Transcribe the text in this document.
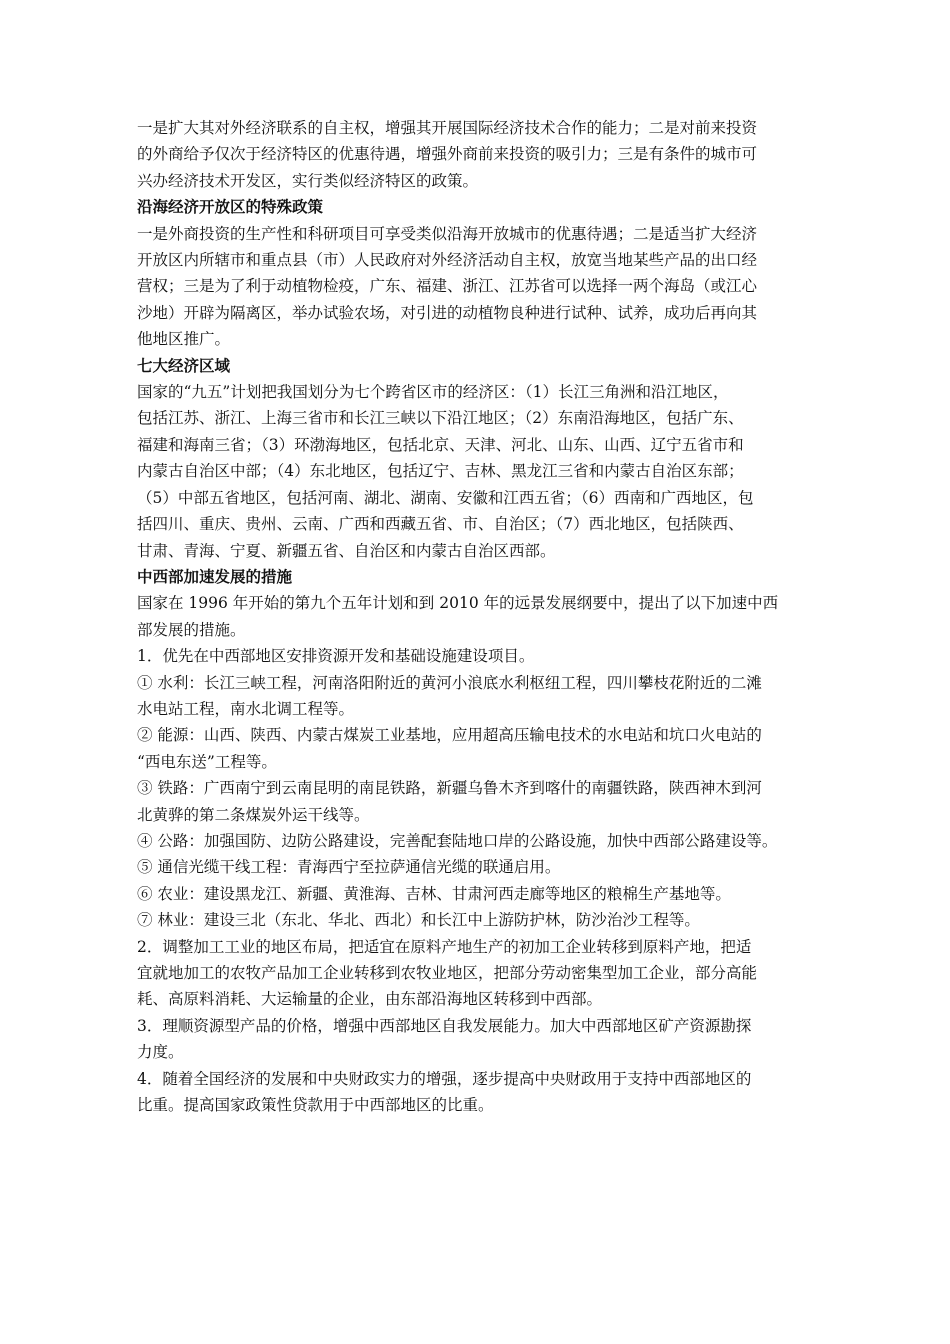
一是扩大其对外经济联系的自主权，增强其开展国际经济技术合作的能力；二是对前来投资

的外商给予仅次于经济特区的优惠待遇，增强外商前来投资的吸引力；三是有条件的城市可

兴办经济技术开发区，实行类似经济特区的政策。

沿海经济开放区的特殊政策

一是外商投资的生产性和科研项目可享受类似沿海开放城市的优惠待遇；二是适当扩大经济

开放区内所辖市和重点县（市）人民政府对外经济活动自主权，放宽当地某些产品的出口经

营权；三是为了利于动植物检疫，广东、福建、浙江、江苏省可以选择一两个海岛（或江心

沙地）开辟为隔离区，举办试验农场，对引进的动植物良种进行试种、试养，成功后再向其

他地区推广。

七大经济区域

国家的“九五”计划把我国划分为七个跨省区市的经济区：（1）长江三角洲和沿江地区，

包括江苏、浙江、上海三省市和长江三峡以下沿江地区；（2）东南沿海地区，包括广东、

福建和海南三省；（3）环渤海地区，包括北京、天津、河北、山东、山西、辽宁五省市和

内蒙古自治区中部；（4）东北地区，包括辽宁、吉林、黑龙江三省和内蒙古自治区东部；

（5）中部五省地区，包括河南、湖北、湖南、安徽和江西五省；（6）西南和广西地区，包

括四川、重庆、贵州、云南、广西和西藏五省、市、自治区；（7）西北地区，包括陕西、

甘肃、青海、宁夏、新疆五省、自治区和内蒙古自治区西部。

中西部加速发展的措施

国家在 1996 年开始的第九个五年计划和到 2010 年的远景发展纲要中，提出了以下加速中西

部发展的措施。

1．优先在中西部地区安排资源开发和基础设施建设项目。

① 水利：长江三峡工程，河南洛阳附近的黄河小浪底水利枢纽工程，四川攀枝花附近的二滩

水电站工程，南水北调工程等。

② 能源：山西、陕西、内蒙古煤炭工业基地，应用超高压输电技术的水电站和坑口火电站的

“西电东送”工程等。

③ 铁路：广西南宁到云南昆明的南昆铁路，新疆乌鲁木齐到喀什的南疆铁路，陕西神木到河

北黄骅的第二条煤炭外运干线等。

④ 公路：加强国防、边防公路建设，完善配套陆地口岸的公路设施，加快中西部公路建设等。

⑤ 通信光缆干线工程：青海西宁至拉萨通信光缆的联通启用。

⑥ 农业：建设黑龙江、新疆、黄淮海、吉林、甘肃河西走廊等地区的粮棉生产基地等。

⑦ 林业：建设三北（东北、华北、西北）和长江中上游防护林，防沙治沙工程等。

2．调整加工工业的地区布局，把适宜在原料产地生产的初加工企业转移到原料产地，把适

宜就地加工的农牧产品加工企业转移到农牧业地区，把部分劳动密集型加工企业，部分高能

耗、高原料消耗、大运输量的企业，由东部沿海地区转移到中西部。

3．理顺资源型产品的价格，增强中西部地区自我发展能力。加大中西部地区矿产资源勘探

力度。

4．随着全国经济的发展和中央财政实力的增强，逐步提高中央财政用于支持中西部地区的

比重。提高国家政策性贷款用于中西部地区的比重。
